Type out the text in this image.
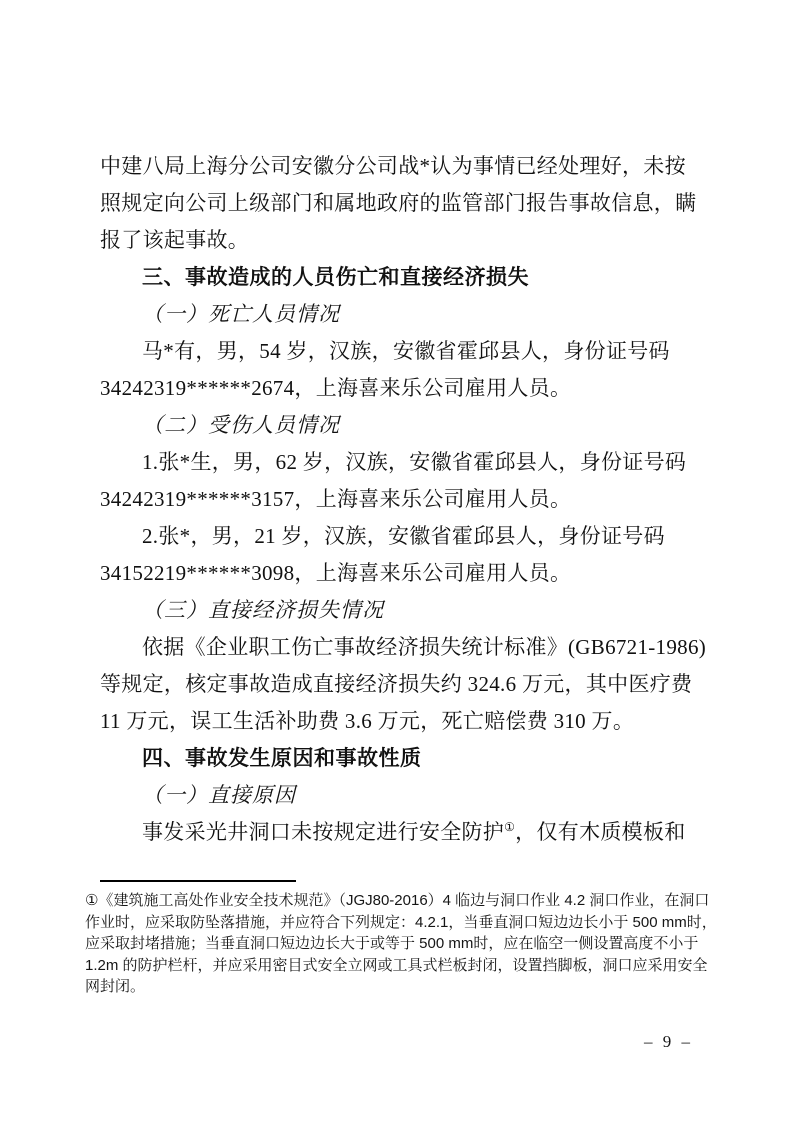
中建八局上海分公司安徽分公司战*认为事情已经处理好，未按
照规定向公司上级部门和属地政府的监管部门报告事故信息，瞒
报了该起事故。
三、事故造成的人员伤亡和直接经济损失
（一）死亡人员情况
马*有，男，54 岁，汉族，安徽省霍邱县人，身份证号码
34242319******2674，上海喜来乐公司雇用人员。
（二）受伤人员情况
1.张*生，男，62 岁，汉族，安徽省霍邱县人，身份证号码
34242319******3157，上海喜来乐公司雇用人员。
2.张*，男，21 岁，汉族，安徽省霍邱县人，身份证号码
34152219******3098，上海喜来乐公司雇用人员。
（三）直接经济损失情况
依据《企业职工伤亡事故经济损失统计标准》(GB6721-1986)
等规定，核定事故造成直接经济损失约 324.6 万元，其中医疗费
11 万元，误工生活补助费 3.6 万元，死亡赔偿费 310 万。
四、事故发生原因和事故性质
（一）直接原因
事发采光井洞口未按规定进行安全防护①，仅有木质模板和
①《建筑施工高处作业安全技术规范》（JGJ80-2016）4 临边与洞口作业 4.2 洞口作业，在洞口
作业时，应采取防坠落措施，并应符合下列规定：4.2.1，当垂直洞口短边边长小于 500 mm时，
应采取封堵措施；当垂直洞口短边边长大于或等于 500 mm时，应在临空一侧设置高度不小于
1.2m 的防护栏杆，并应采用密目式安全立网或工具式栏板封闭，设置挡脚板，洞口应采用安全
网封闭。
– 9 –
